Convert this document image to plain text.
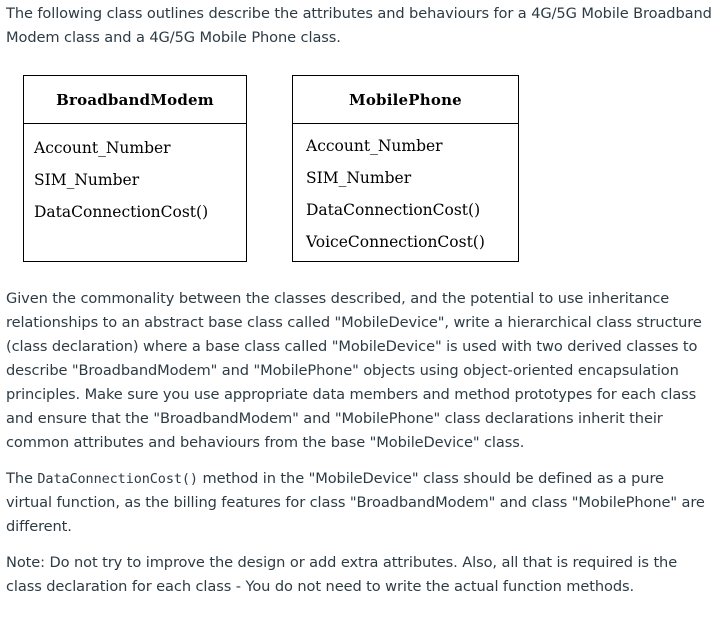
The following class outlines describe the attributes and behaviours for a 4G/5G Mobile Broadband Modem class and a 4G/5G Mobile Phone class.

BroadbandModem
Account_Number
SIM_Number
DataConnectionCost()
MobilePhone
Account_Number
SIM_Number
DataConnectionCost()
VoiceConnectionCost()

Given the commonality between the classes described, and the potential to use inheritance relationships to an abstract base class called "MobileDevice", write a hierarchical class structure (class declaration) where a base class called "MobileDevice" is used with two derived classes to describe "BroadbandModem" and "MobilePhone" objects using object-oriented encapsulation principles. Make sure you use appropriate data members and method prototypes for each class and ensure that the "BroadbandModem" and "MobilePhone" class declarations inherit their common attributes and behaviours from the base "MobileDevice" class.

The DataConnectionCost() method in the "MobileDevice" class should be defined as a pure virtual function, as the billing features for class "BroadbandModem" and class "MobilePhone" are different.

Note: Do not try to improve the design or add extra attributes. Also, all that is required is the class declaration for each class - You do not need to write the actual function methods.
